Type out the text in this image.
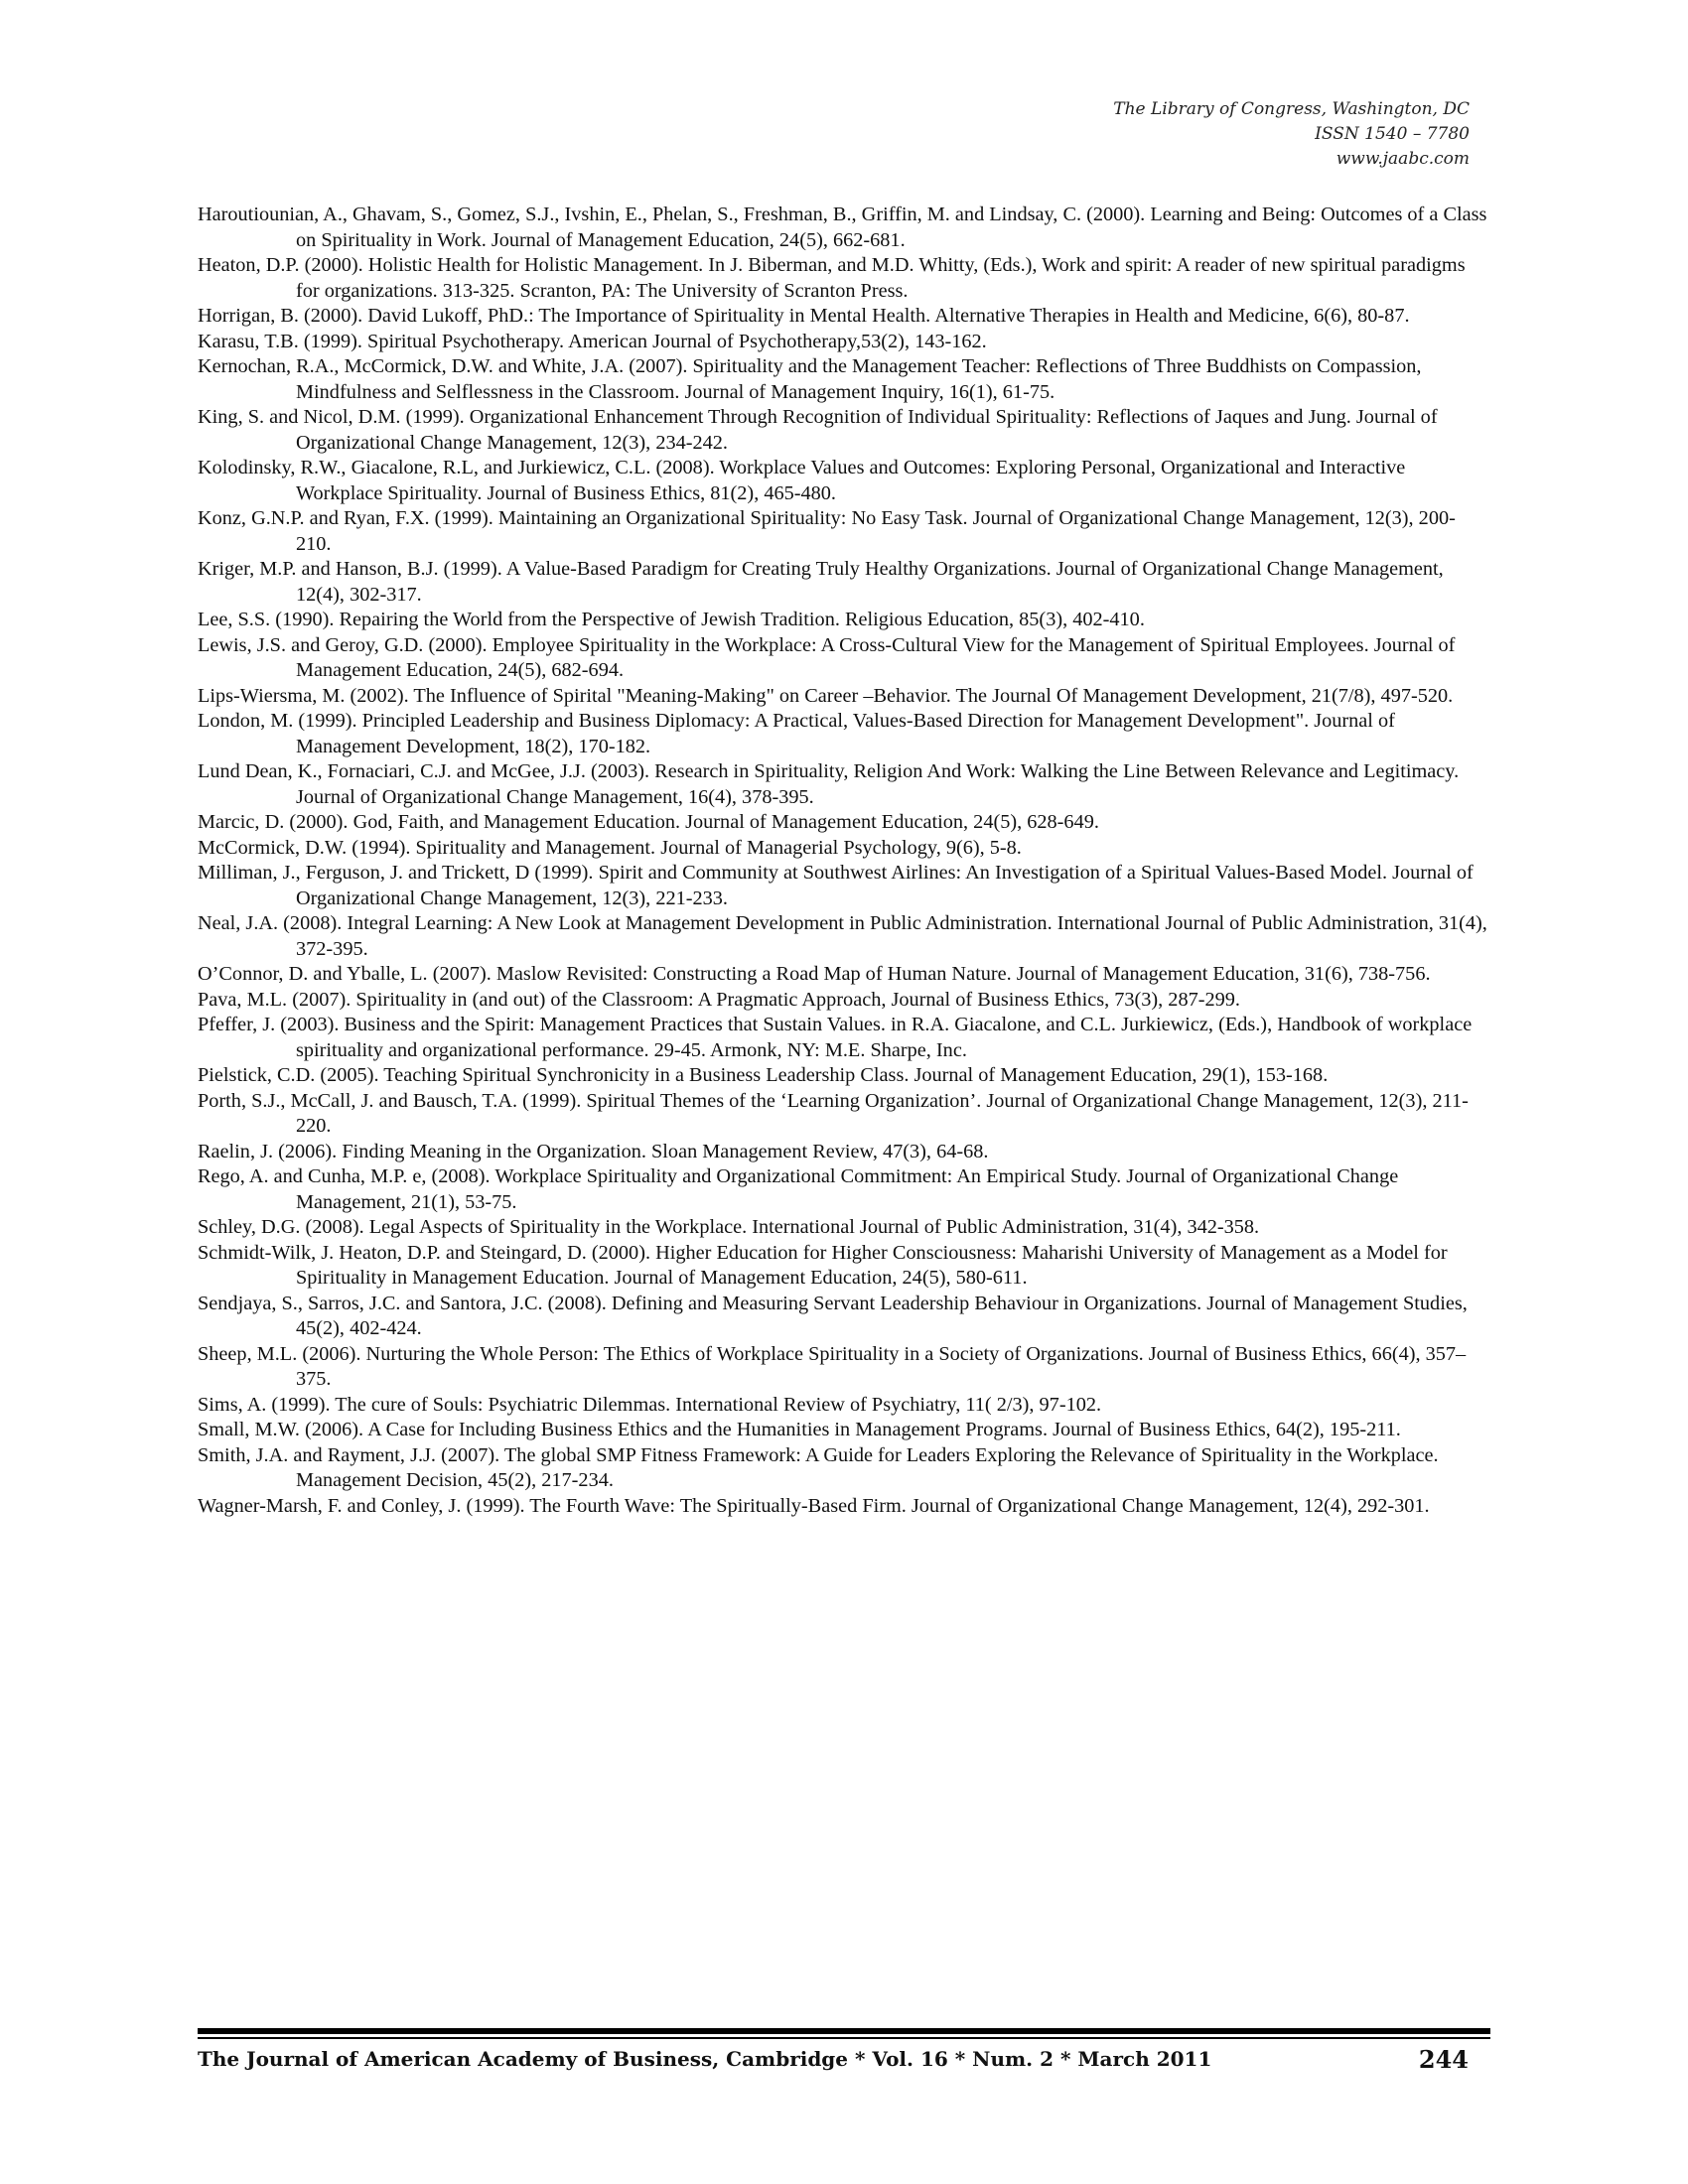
The Library of Congress, Washington, DC
ISSN 1540 – 7780
www.jaabc.com

Haroutiounian, A., Ghavam, S., Gomez, S.J., Ivshin, E., Phelan, S., Freshman, B., Griffin, M. and Lindsay, C. (2000). Learning and Being: Outcomes of a Class on Spirituality in Work. Journal of Management Education, 24(5), 662-681.

Heaton, D.P. (2000). Holistic Health for Holistic Management. In J. Biberman, and M.D. Whitty, (Eds.), Work and spirit: A reader of new spiritual paradigms for organizations. 313-325. Scranton, PA: The University of Scranton Press.

Horrigan, B. (2000). David Lukoff, PhD.: The Importance of Spirituality in Mental Health. Alternative Therapies in Health and Medicine, 6(6), 80-87.

Karasu, T.B. (1999). Spiritual Psychotherapy. American Journal of Psychotherapy,53(2), 143-162.

Kernochan, R.A., McCormick, D.W. and White, J.A. (2007). Spirituality and the Management Teacher: Reflections of Three Buddhists on Compassion, Mindfulness and Selflessness in the Classroom. Journal of Management Inquiry, 16(1), 61-75.

King, S. and Nicol, D.M. (1999). Organizational Enhancement Through Recognition of Individual Spirituality: Reflections of Jaques and Jung. Journal of Organizational Change Management, 12(3), 234-242.

Kolodinsky, R.W., Giacalone, R.L, and Jurkiewicz, C.L. (2008). Workplace Values and Outcomes: Exploring Personal, Organizational and Interactive Workplace Spirituality. Journal of Business Ethics, 81(2), 465-480.

Konz, G.N.P. and Ryan, F.X. (1999). Maintaining an Organizational Spirituality: No Easy Task. Journal of Organizational Change Management, 12(3), 200-210.

Kriger, M.P. and Hanson, B.J. (1999). A Value-Based Paradigm for Creating Truly Healthy Organizations. Journal of Organizational Change Management, 12(4), 302-317.

Lee, S.S. (1990). Repairing the World from the Perspective of Jewish Tradition. Religious Education, 85(3), 402-410.

Lewis, J.S. and Geroy, G.D. (2000). Employee Spirituality in the Workplace: A Cross-Cultural View for the Management of Spiritual Employees. Journal of Management Education, 24(5), 682-694.

Lips-Wiersma, M. (2002). The Influence of Spirital "Meaning-Making" on Career –Behavior. The Journal Of Management Development, 21(7/8), 497-520.

London, M. (1999). Principled Leadership and Business Diplomacy: A Practical, Values-Based Direction for Management Development". Journal of Management Development, 18(2), 170-182.

Lund Dean, K., Fornaciari, C.J. and McGee, J.J. (2003). Research in Spirituality, Religion And Work: Walking the Line Between Relevance and Legitimacy. Journal of Organizational Change Management, 16(4), 378-395.

Marcic, D. (2000). God, Faith, and Management Education. Journal of Management Education, 24(5), 628-649.

McCormick, D.W. (1994). Spirituality and Management. Journal of Managerial Psychology, 9(6), 5-8.

Milliman, J., Ferguson, J. and Trickett, D (1999). Spirit and Community at Southwest Airlines: An Investigation of a Spiritual Values-Based Model. Journal of Organizational Change Management, 12(3), 221-233.

Neal, J.A. (2008). Integral Learning: A New Look at Management Development in Public Administration. International Journal of Public Administration, 31(4), 372-395.

O’Connor, D. and Yballe, L. (2007). Maslow Revisited: Constructing a Road Map of Human Nature. Journal of Management Education, 31(6), 738-756.

Pava, M.L. (2007). Spirituality in (and out) of the Classroom: A Pragmatic Approach, Journal of Business Ethics, 73(3), 287-299.

Pfeffer, J. (2003). Business and the Spirit: Management Practices that Sustain Values. in R.A. Giacalone, and C.L. Jurkiewicz, (Eds.), Handbook of workplace spirituality and organizational performance. 29-45. Armonk, NY: M.E. Sharpe, Inc.

Pielstick, C.D. (2005). Teaching Spiritual Synchronicity in a Business Leadership Class. Journal of Management Education, 29(1), 153-168.

Porth, S.J., McCall, J. and Bausch, T.A. (1999). Spiritual Themes of the ‘Learning Organization’. Journal of Organizational Change Management, 12(3), 211-220.

Raelin, J. (2006). Finding Meaning in the Organization. Sloan Management Review, 47(3), 64-68.

Rego, A. and Cunha, M.P. e, (2008). Workplace Spirituality and Organizational Commitment: An Empirical Study. Journal of Organizational Change Management, 21(1), 53-75.

Schley, D.G. (2008). Legal Aspects of Spirituality in the Workplace. International Journal of Public Administration, 31(4), 342-358.

Schmidt-Wilk, J. Heaton, D.P. and Steingard, D. (2000). Higher Education for Higher Consciousness: Maharishi University of Management as a Model for Spirituality in Management Education. Journal of Management Education, 24(5), 580-611.

Sendjaya, S., Sarros, J.C. and Santora, J.C. (2008). Defining and Measuring Servant Leadership Behaviour in Organizations. Journal of Management Studies, 45(2), 402-424.

Sheep, M.L. (2006). Nurturing the Whole Person: The Ethics of Workplace Spirituality in a Society of Organizations. Journal of Business Ethics, 66(4), 357–375.

Sims, A. (1999). The cure of Souls: Psychiatric Dilemmas. International Review of Psychiatry, 11( 2/3), 97-102.

Small, M.W. (2006). A Case for Including Business Ethics and the Humanities in Management Programs. Journal of Business Ethics, 64(2), 195-211.

Smith, J.A. and Rayment, J.J. (2007). The global SMP Fitness Framework: A Guide for Leaders Exploring the Relevance of Spirituality in the Workplace. Management Decision, 45(2), 217-234.

Wagner-Marsh, F. and Conley, J. (1999). The Fourth Wave: The Spiritually-Based Firm. Journal of Organizational Change Management, 12(4), 292-301.

The Journal of American Academy of Business, Cambridge * Vol. 16 * Num. 2 * March 2011	244
